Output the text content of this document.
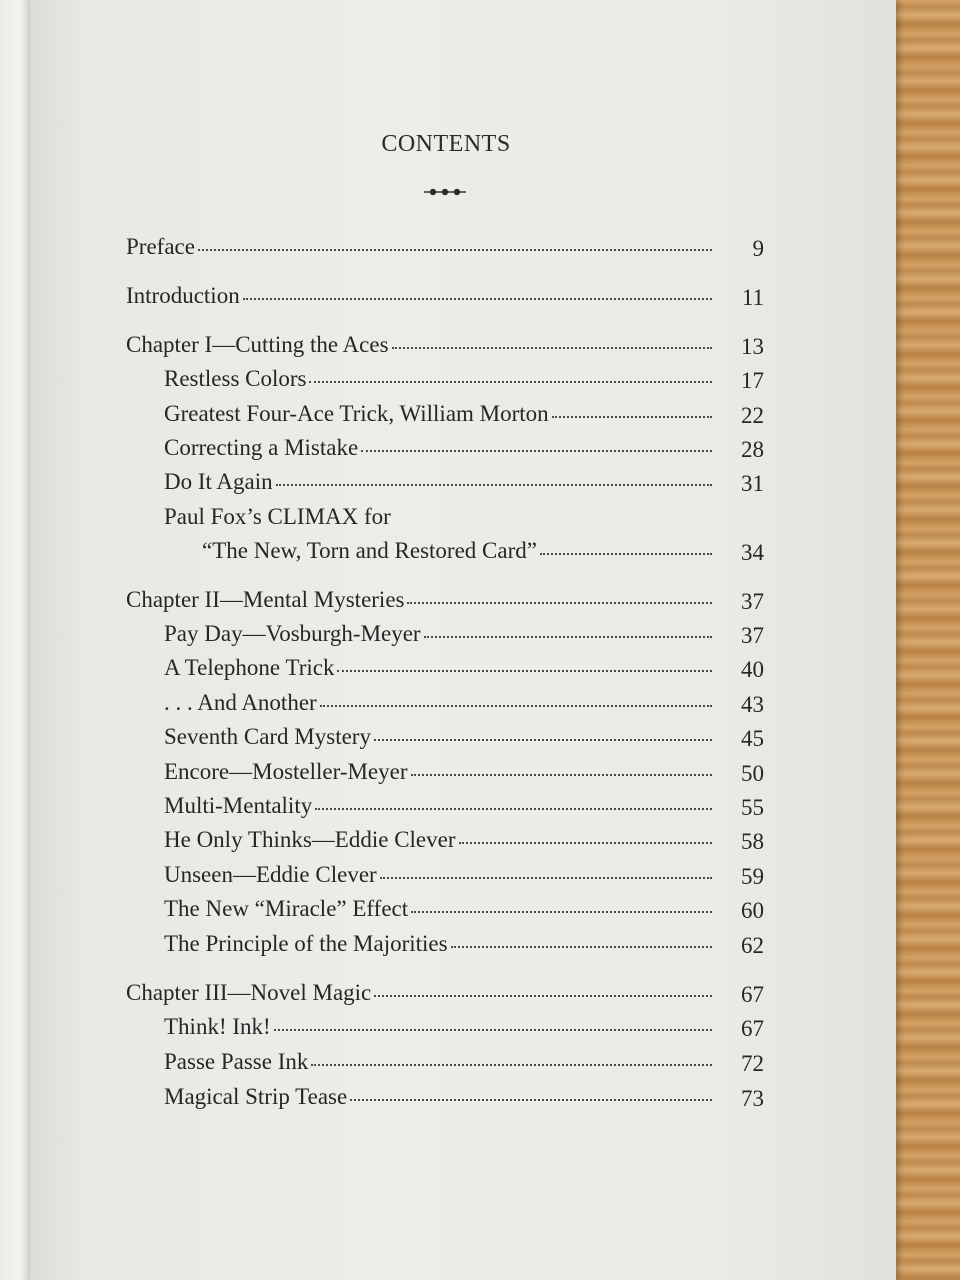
CONTENTS
Preface	9
Introduction	11
Chapter I—Cutting the Aces	13
Restless Colors	17
Greatest Four-Ace Trick, William Morton	22
Correcting a Mistake	28
Do It Again	31
Paul Fox’s CLIMAX for
“The New, Torn and Restored Card”	34
Chapter II—Mental Mysteries	37
Pay Day—Vosburgh-Meyer	37
A Telephone Trick	40
. . . And Another	43
Seventh Card Mystery	45
Encore—Mosteller-Meyer	50
Multi-Mentality	55
He Only Thinks—Eddie Clever	58
Unseen—Eddie Clever	59
The New “Miracle” Effect	60
The Principle of the Majorities	62
Chapter III—Novel Magic	67
Think! Ink!	67
Passe Passe Ink	72
Magical Strip Tease	73
